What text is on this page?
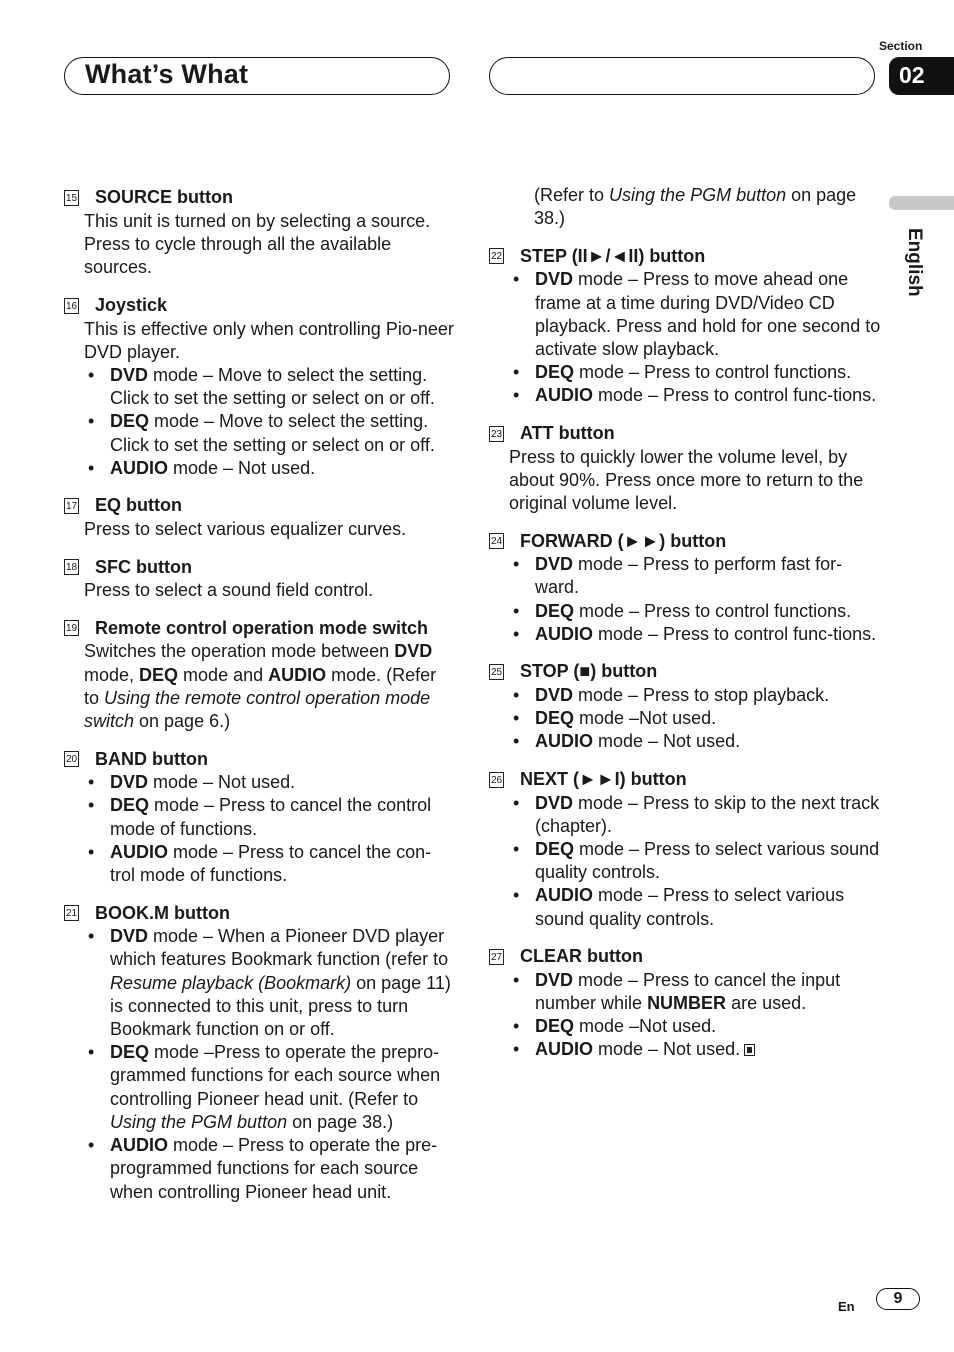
What’s What
Section
02
English
15 SOURCE button
This unit is turned on by selecting a source. Press to cycle through all the available sources.
16 Joystick
This is effective only when controlling Pio-neer DVD player.
• DVD mode – Move to select the setting. Click to set the setting or select on or off.
• DEQ mode – Move to select the setting. Click to set the setting or select on or off.
• AUDIO mode – Not used.
17 EQ button
Press to select various equalizer curves.
18 SFC button
Press to select a sound field control.
19 Remote control operation mode switch
Switches the operation mode between DVD mode, DEQ mode and AUDIO mode. (Refer to Using the remote control operation mode switch on page 6.)
20 BAND button
• DVD mode – Not used.
• DEQ mode – Press to cancel the control mode of functions.
• AUDIO mode – Press to cancel the con-trol mode of functions.
21 BOOK.M button
• DVD mode – When a Pioneer DVD player which features Bookmark function (refer to Resume playback (Bookmark) on page 11) is connected to this unit, press to turn Bookmark function on or off.
• DEQ mode –Press to operate the prepro-grammed functions for each source when controlling Pioneer head unit. (Refer to Using the PGM button on page 38.)
• AUDIO mode – Press to operate the pre-programmed functions for each source when controlling Pioneer head unit.
(Refer to Using the PGM button on page 38.)
22 STEP (II►/◄II) button
• DVD mode – Press to move ahead one frame at a time during DVD/Video CD playback. Press and hold for one second to activate slow playback.
• DEQ mode – Press to control functions.
• AUDIO mode – Press to control func-tions.
23 ATT button
Press to quickly lower the volume level, by about 90%. Press once more to return to the original volume level.
24 FORWARD (►►) button
• DVD mode – Press to perform fast for-ward.
• DEQ mode – Press to control functions.
• AUDIO mode – Press to control func-tions.
25 STOP (■) button
• DVD mode – Press to stop playback.
• DEQ mode –Not used.
• AUDIO mode – Not used.
26 NEXT (►►I) button
• DVD mode – Press to skip to the next track (chapter).
• DEQ mode – Press to select various sound quality controls.
• AUDIO mode – Press to select various sound quality controls.
27 CLEAR button
• DVD mode – Press to cancel the input number while NUMBER are used.
• DEQ mode –Not used.
• AUDIO mode – Not used.
En	9
